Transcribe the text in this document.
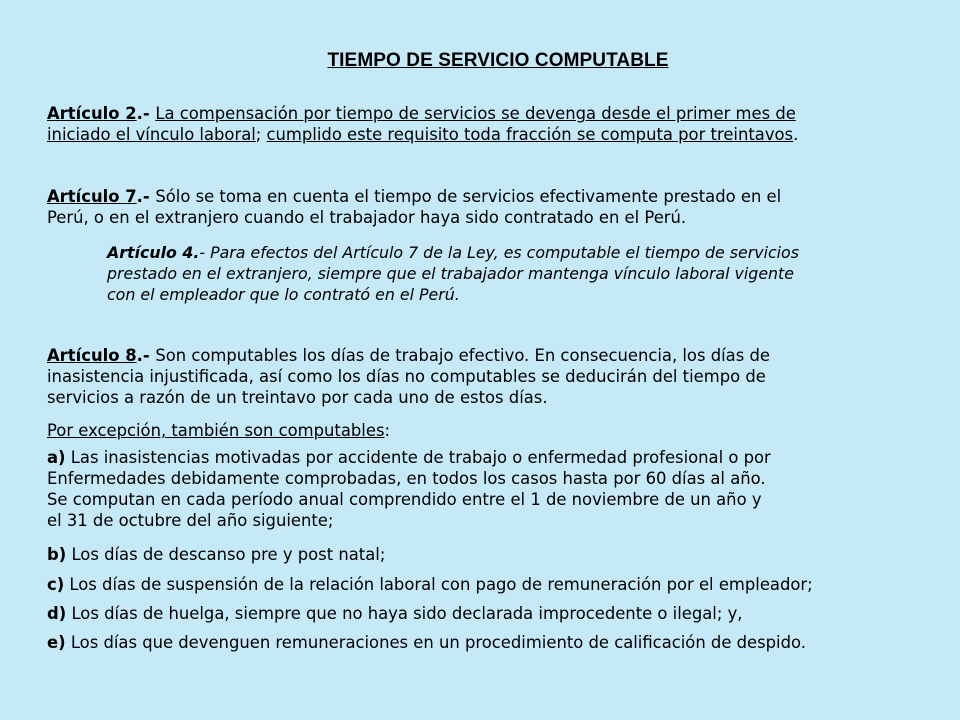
TIEMPO DE SERVICIO COMPUTABLE

Artículo 2.- La compensación por tiempo de servicios se devenga desde el primer mes de

iniciado el vínculo laboral; cumplido este requisito toda fracción se computa por treintavos.

Artículo 7.- Sólo se toma en cuenta el tiempo de servicios efectivamente prestado en el

Perú, o en el extranjero cuando el trabajador haya sido contratado en el Perú.

Artículo 4.- Para efectos del Artículo 7 de la Ley, es computable el tiempo de servicios

prestado en el extranjero, siempre que el trabajador mantenga vínculo laboral vigente

con el empleador que lo contrató en el Perú.

Artículo 8.- Son computables los días de trabajo efectivo. En consecuencia, los días de

inasistencia injustificada, así como los días no computables se deducirán del tiempo de

servicios a razón de un treintavo por cada uno de estos días.

Por excepción, también son computables:

a) Las inasistencias motivadas por accidente de trabajo o enfermedad profesional o por

Enfermedades debidamente comprobadas, en todos los casos hasta por 60 días al año.

Se computan en cada período anual comprendido entre el 1 de noviembre de un año y

el 31 de octubre del año siguiente;

b) Los días de descanso pre y post natal;

c) Los días de suspensión de la relación laboral con pago de remuneración por el empleador;

d) Los días de huelga, siempre que no haya sido declarada improcedente o ilegal; y,

e) Los días que devenguen remuneraciones en un procedimiento de calificación de despido.
